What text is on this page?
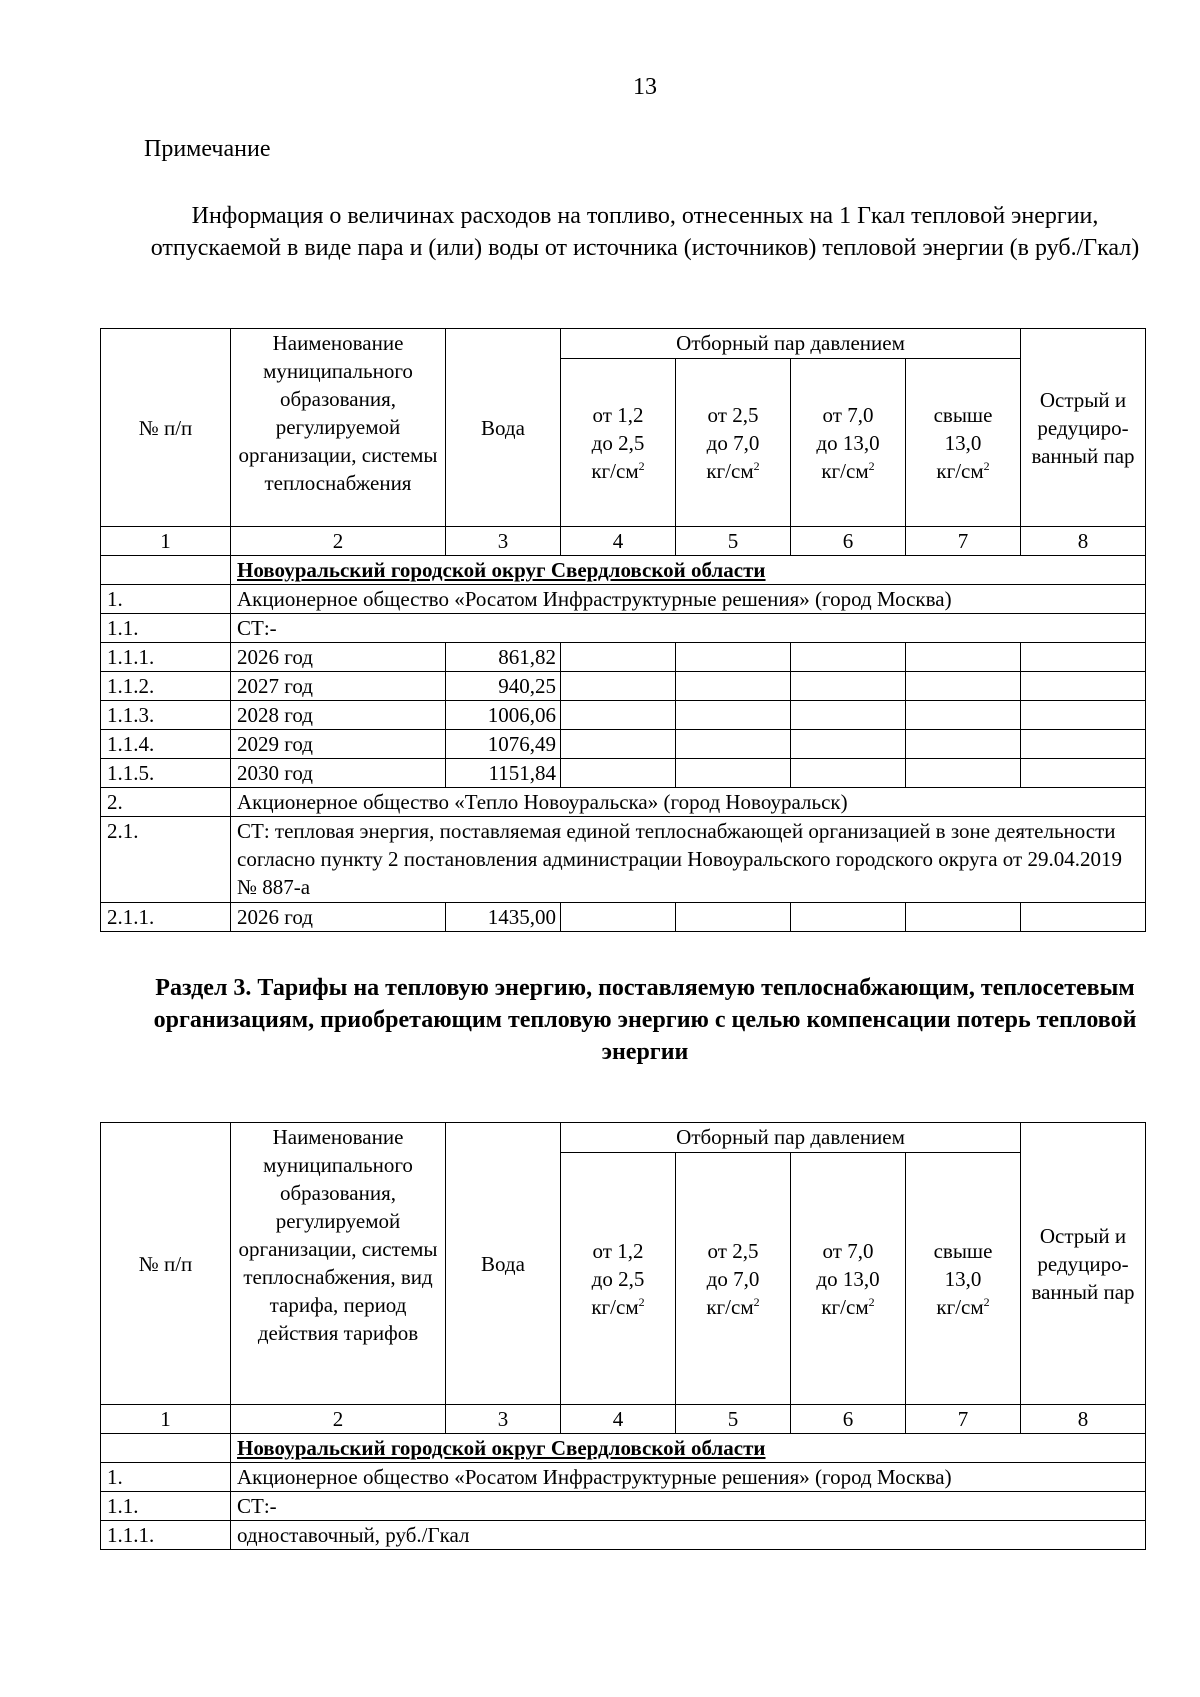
13
Примечание
Информация о величинах расходов на топливо, отнесенных на 1 Гкал тепловой энергии, отпускаемой в виде пара и (или) воды от источника (источников) тепловой энергии (в руб./Гкал)
№ п/п	Наименование муниципального образования, регулируемой организации, системы теплоснабжения	Вода	Отборный пар давлением				Острый и редуциро-ванный пар
			от 1,2
до 2,5
$кг/см^2$	от 2,5
до 7,0
$кг/см^2$	от 7,0
до 13,0
$кг/см^2$	свыше
13,0
$кг/см^2$
1	2	3	4	5	6	7	8
	Новоуральский городской округ Свердловской области						
1.	Акционерное общество «Росатом Инфраструктурные решения» (город Москва)						
1.1.	СТ:-						
1.1.1.	2026 год	861,82					
1.1.2.	2027 год	940,25					
1.1.3.	2028 год	1006,06					
1.1.4.	2029 год	1076,49					
1.1.5.	2030 год	1151,84					
2.	Акционерное общество «Тепло Новоуральска» (город Новоуральск)						
2.1.	СТ: тепловая энергия, поставляемая единой теплоснабжающей организацией в зоне деятельности согласно пункту 2 постановления администрации Новоуральского городского округа от 29.04.2019 № 887-а						
2.1.1.	2026 год	1435,00					
Раздел 3. Тарифы на тепловую энергию, поставляемую теплоснабжающим, теплосетевым организациям, приобретающим тепловую энергию с целью компенсации потерь тепловой энергии
№ п/п	Наименование муниципального образования, регулируемой организации, системы теплоснабжения, вид тарифа, период действия тарифов	Вода	Отборный пар давлением				Острый и редуциро-ванный пар
			от 1,2
до 2,5
$кг/см^2$	от 2,5
до 7,0
$кг/см^2$	от 7,0
до 13,0
$кг/см^2$	свыше
13,0
$кг/см^2$
1	2	3	4	5	6	7	8
	Новоуральский городской округ Свердловской области						
1.	Акционерное общество «Росатом Инфраструктурные решения» (город Москва)						
1.1.	СТ:-						
1.1.1.	одноставочный, руб./Гкал						
